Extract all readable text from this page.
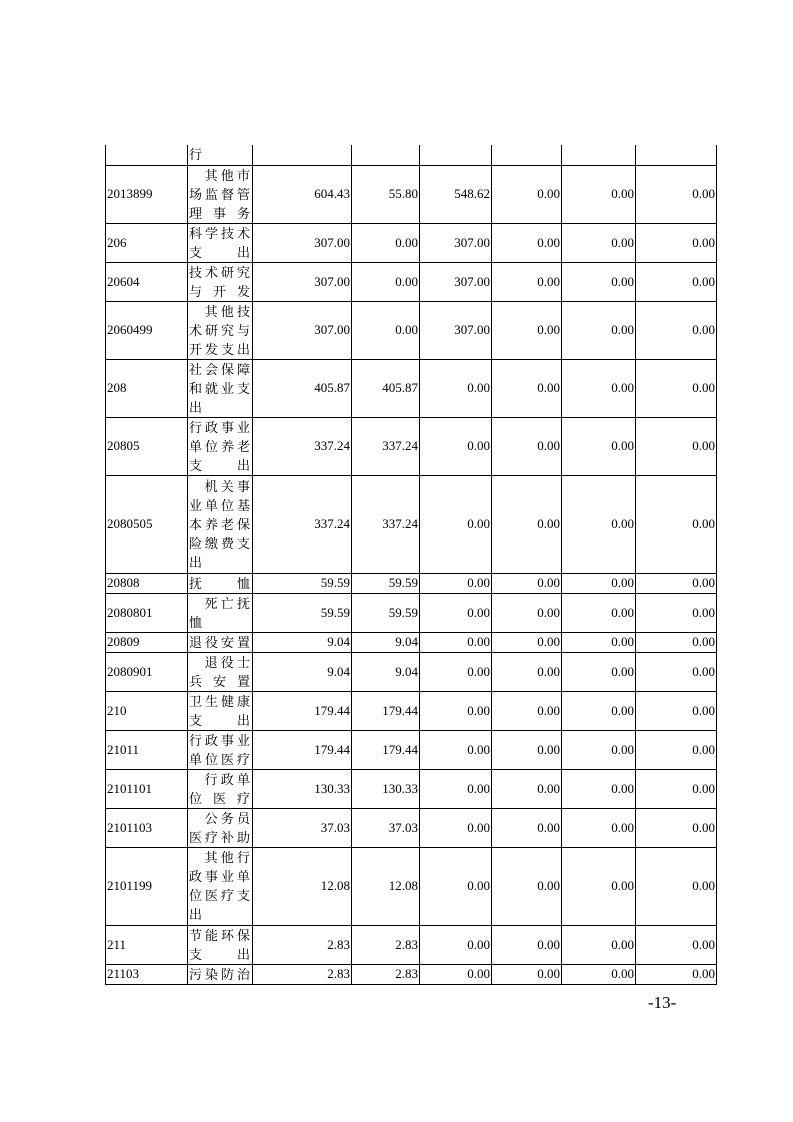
	行						
2013899	其他市场监督管理事务	604.43	55.80	548.62	0.00	0.00	0.00
206	科学技术支出	307.00	0.00	307.00	0.00	0.00	0.00
20604	技术研究与开发	307.00	0.00	307.00	0.00	0.00	0.00
2060499	其他技术研究与开发支出	307.00	0.00	307.00	0.00	0.00	0.00
208	社会保障和就业支出	405.87	405.87	0.00	0.00	0.00	0.00
20805	行政事业单位养老支出	337.24	337.24	0.00	0.00	0.00	0.00
2080505	机关事业单位基本养老保险缴费支出	337.24	337.24	0.00	0.00	0.00	0.00
20808	抚恤	59.59	59.59	0.00	0.00	0.00	0.00
2080801	死亡抚恤	59.59	59.59	0.00	0.00	0.00	0.00
20809	退役安置	9.04	9.04	0.00	0.00	0.00	0.00
2080901	退役士兵安置	9.04	9.04	0.00	0.00	0.00	0.00
210	卫生健康支出	179.44	179.44	0.00	0.00	0.00	0.00
21011	行政事业单位医疗	179.44	179.44	0.00	0.00	0.00	0.00
2101101	行政单位医疗	130.33	130.33	0.00	0.00	0.00	0.00
2101103	公务员医疗补助	37.03	37.03	0.00	0.00	0.00	0.00
2101199	其他行政事业单位医疗支出	12.08	12.08	0.00	0.00	0.00	0.00
211	节能环保支出	2.83	2.83	0.00	0.00	0.00	0.00
21103	污染防治	2.83	2.83	0.00	0.00	0.00	0.00
-13-
